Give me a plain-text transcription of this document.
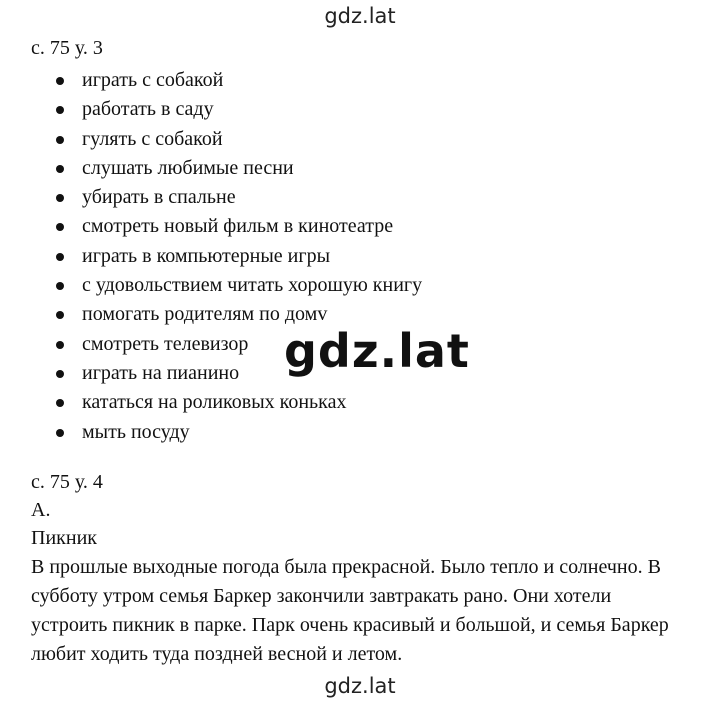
gdz.lat
с. 75 у. 3
играть с собакой
работать в саду
гулять с собакой
слушать любимые песни
убирать в спальне
смотреть новый фильм в кинотеатре
играть в компьютерные игры
с удовольствием читать хорошую книгу
помогать родителям по домv
смотреть телевизор
играть на пианино
кататься на роликовых коньках
мыть посуду
gdz.lat
с. 75 у. 4
A.
Пикник
В прошлые выходные погода была прекрасной. Было тепло и солнечно. В
субботу утром семья Баркер закончили завтракать рано. Они хотели
устроить пикник в парке. Парк очень красивый и большой, и семья Баркер
любит ходить туда поздней весной и летом.
gdz.lat
